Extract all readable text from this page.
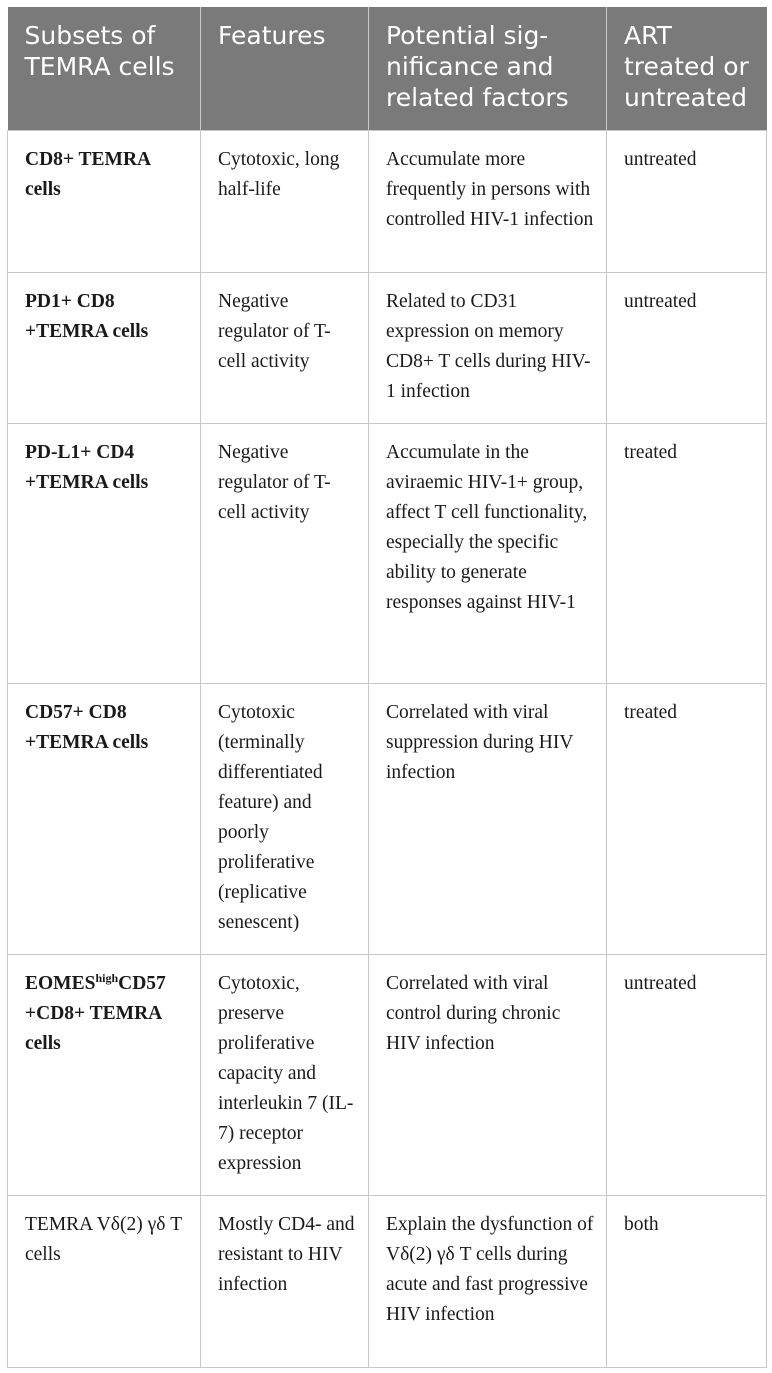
Subsets of TEMRA cells	Features	Potential sig-nificance and related factors	ART treated or untreated
CD8+ TEMRA cells	Cytotoxic, long half-life	Accumulate more frequently in persons with controlled HIV-1 infection	untreated
PD1+ CD8 +TEMRA cells	Negative regulator of T-cell activity	Related to CD31 expression on memory CD8+ T cells during HIV-1 infection	untreated
PD-L1+ CD4 +TEMRA cells	Negative regulator of T-cell activity	Accumulate in the aviraemic HIV-1+ group, affect T cell functionality, especially the specific ability to generate responses against HIV-1	treated
CD57+ CD8 +TEMRA cells	Cytotoxic (terminally differentiated feature) and poorly proliferative (replicative senescent)	Correlated with viral suppression during HIV infection	treated
$EOMES^{high}CD57 +CD8+$ TEMRA cells	Cytotoxic, preserve proliferative capacity and interleukin 7 (IL-7) receptor expression	Correlated with viral control during chronic HIV infection	untreated
TEMRA Vδ(2) γδ T cells	Mostly CD4- and resistant to HIV infection	Explain the dysfunction of Vδ(2) γδ T cells during acute and fast progressive HIV infection	both
